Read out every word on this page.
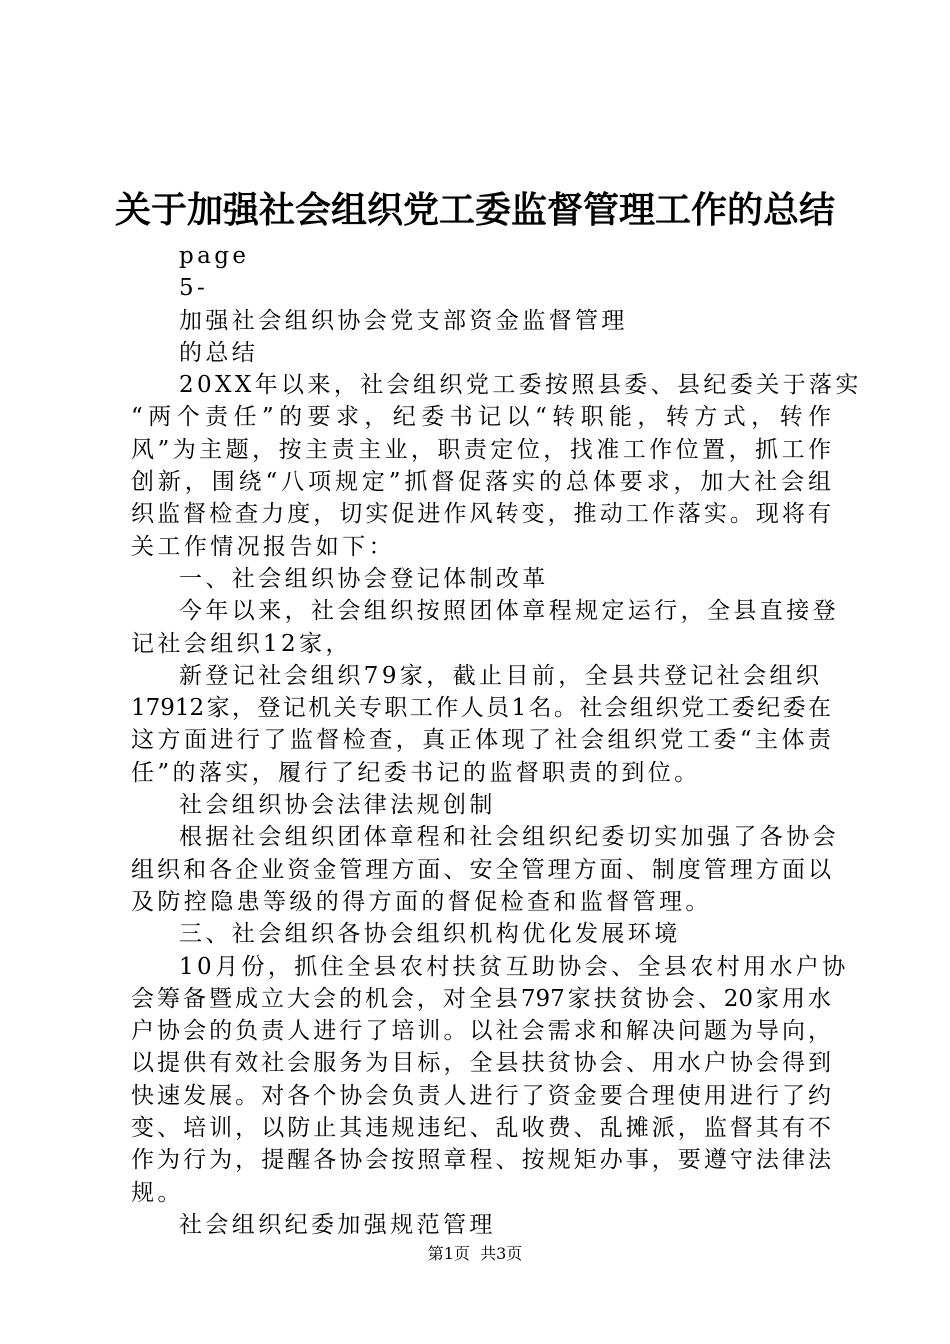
关于加强社会组织党工委监督管理工作的总结
page
5-
加强社会组织协会党支部资金监督管理
的总结
20XX年以来，社会组织党工委按照县委、县纪委关于落实
“两个责任”的要求，纪委书记以“转职能，转方式，转作
风”为主题，按主责主业，职责定位，找准工作位置，抓工作
创新，围绕“八项规定”抓督促落实的总体要求，加大社会组
织监督检查力度，切实促进作风转变，推动工作落实。现将有
关工作情况报告如下：
一、社会组织协会登记体制改革
今年以来，社会组织按照团体章程规定运行，全县直接登
记社会组织12家，
新登记社会组织79家，截止目前，全县共登记社会组织
17912家，登记机关专职工作人员1名。社会组织党工委纪委在
这方面进行了监督检查，真正体现了社会组织党工委“主体责
任”的落实，履行了纪委书记的监督职责的到位。
社会组织协会法律法规创制
根据社会组织团体章程和社会组织纪委切实加强了各协会
组织和各企业资金管理方面、安全管理方面、制度管理方面以
及防控隐患等级的得方面的督促检查和监督管理。
三、社会组织各协会组织机构优化发展环境
10月份，抓住全县农村扶贫互助协会、全县农村用水户协
会筹备暨成立大会的机会，对全县797家扶贫协会、20家用水
户协会的负责人进行了培训。以社会需求和解决问题为导向，
以提供有效社会服务为目标，全县扶贫协会、用水户协会得到
快速发展。对各个协会负责人进行了资金要合理使用进行了约
变、培训，以防止其违规违纪、乱收费、乱摊派，监督其有不
作为行为，提醒各协会按照章程、按规矩办事，要遵守法律法
规。
社会组织纪委加强规范管理
第1页  共3页
